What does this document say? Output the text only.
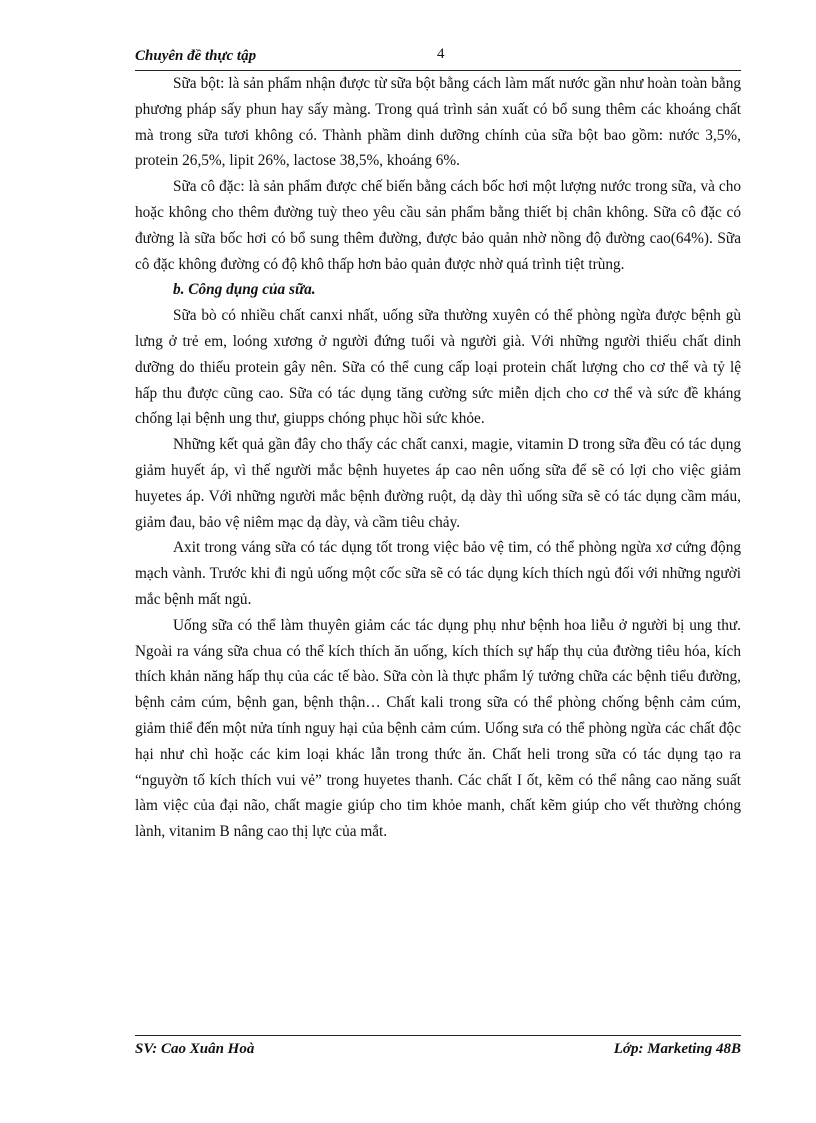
Chuyên đề thực tập	4

Sữa bột: là sản phẩm nhận được từ sữa bột bằng cách làm mất nước gần như hoàn toàn bằng phương pháp sấy phun hay sấy màng. Trong quá trình sản xuất có bổ sung thêm các khoáng chất mà trong sữa tươi không có. Thành phầm dinh dưỡng chính của sữa bột bao gồm: nước 3,5%, protein 26,5%, lipit 26%, lactose 38,5%, khoáng 6%.

Sữa cô đặc: là sản phẩm được chế biến bằng cách bốc hơi một lượng nước trong sữa, và cho hoặc không cho thêm đường tuỳ theo yêu cầu sản phẩm bằng thiết bị chân không. Sữa cô đặc có đường là sữa bốc hơi có bổ sung thêm đường, được bảo quản nhờ nồng độ đường cao(64%). Sữa cô đặc không đường có độ khô thấp hơn bảo quản được nhờ quá trình tiệt trùng.

b. Công dụng của sữa.

Sữa bò có nhiều chất canxi nhất, uống sữa thường xuyên có thể phòng ngừa được bệnh gù lưng ở trẻ em, loóng xương ở người đứng tuổi và người già. Với những người thiếu chất dinh dưỡng do thiếu protein gây nên. Sữa có thể cung cấp loại protein chất lượng cho cơ thể và tỷ lệ hấp thu được cũng cao. Sữa có tác dụng tăng cường sức miễn dịch cho cơ thể và sức đề kháng chống lại bệnh ung thư, giupps chóng phục hồi sức khỏe.

Những kết quả gần đây cho thấy các chất canxi, magie, vitamin D trong sữa đều có tác dụng giảm huyết áp, vì thế người mắc bệnh huyetes áp cao nên uống sữa để sẽ có lợi cho việc giảm huyetes áp. Với những người mắc bệnh đường ruột, dạ dày thì uống sữa sẽ có tác dụng cầm máu, giảm đau, bảo vệ niêm mạc dạ dày, và cầm tiêu chảy.

Axit trong váng sữa có tác dụng tốt trong việc bảo vệ tim, có thể phòng ngừa xơ cứng động mạch vành. Trước khi đi ngủ uống một cốc sữa sẽ có tác dụng kích thích ngủ đối với những người mắc bệnh mất ngủ.

Uống sữa có thể làm thuyên giảm các tác dụng phụ như bệnh hoa liễu ở người bị ung thư. Ngoài ra váng sữa chua có thể kích thích ăn uống, kích thích sự hấp thụ của đường tiêu hóa, kích thích khản năng hấp thụ của các tế bào. Sữa còn là thực phẩm lý tưởng chữa các bệnh tiểu đường, bệnh cảm cúm, bệnh gan, bệnh thận… Chất kali trong sữa có thể phòng chống bệnh cảm cúm, giảm thiể đến một nửa tính nguy hại của bệnh cảm cúm. Uống sưa có thể phòng ngừa các chất độc hại như chì hoặc các kim loại khác lẫn trong thức ăn. Chất heli trong sữa có tác dụng tạo ra “nguyờn tố kích thích vui vẻ” trong huyetes thanh. Các chất I ốt, kẽm có thể nâng cao năng suất làm việc của đại não, chất magie giúp cho tim khỏe manh, chất kẽm giúp cho vết thường chóng lành, vitanim B nâng cao thị lực của mắt.

SV: Cao Xuân Hoà	Lớp: Marketing 48B
